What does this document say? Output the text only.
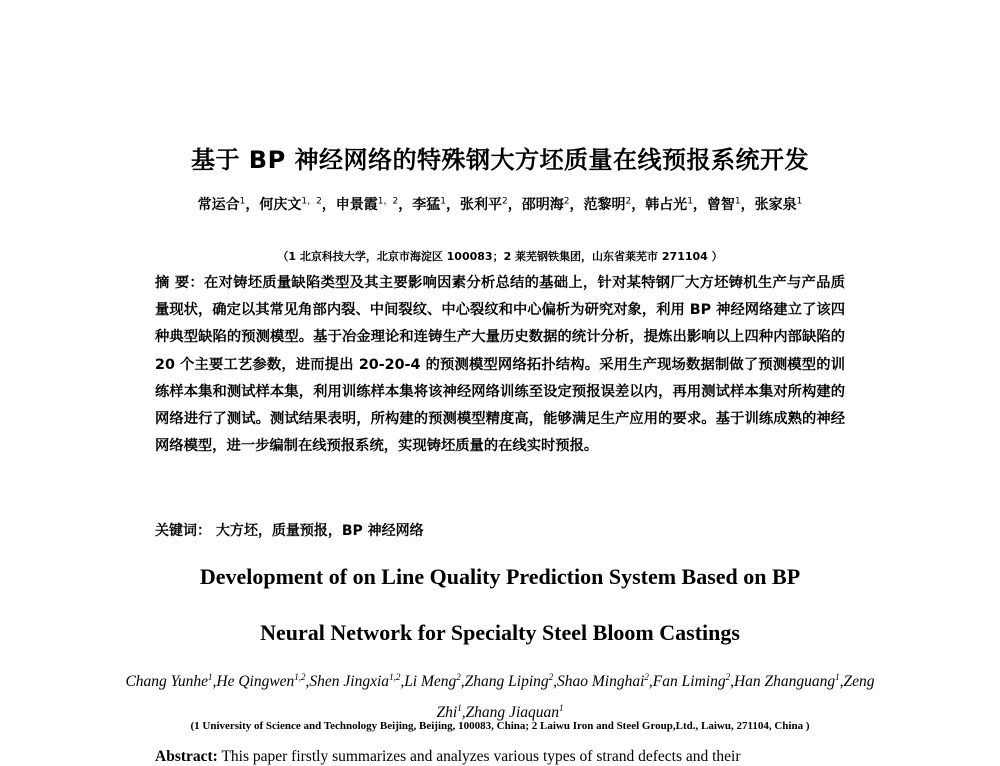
基于 BP 神经网络的特殊钢大方坯质量在线预报系统开发
常运合$^1$，何庆文$^{1,2}$，申景霞$^{1,2}$，李猛$^1$，张利平$^2$，邵明海$^2$，范黎明$^2$，韩占光$^1$，曾智$^1$，张家泉$^1$
（1 北京科技大学，北京市海淀区 100083；2 莱芜钢铁集团，山东省莱芜市 271104 ）
摘 要：在对铸坯质量缺陷类型及其主要影响因素分析总结的基础上，针对某特钢厂大方坯铸机生产与产品质量现状，确定以其常见角部内裂、中间裂纹、中心裂纹和中心偏析为研究对象，利用 BP 神经网络建立了该四种典型缺陷的预测模型。基于冶金理论和连铸生产大量历史数据的统计分析，提炼出影响以上四种内部缺陷的 20 个主要工艺参数，进而提出 20-20-4 的预测模型网络拓扑结构。采用生产现场数据制做了预测模型的训练样本集和测试样本集，利用训练样本集将该神经网络训练至设定预报误差以内，再用测试样本集对所构建的网络进行了测试。测试结果表明，所构建的预测模型精度高，能够满足生产应用的要求。基于训练成熟的神经网络模型，进一步编制在线预报系统，实现铸坯质量的在线实时预报。
关键词： 大方坯，质量预报，BP 神经网络
Development of on Line Quality Prediction System Based on BP
Neural Network for Specialty Steel Bloom Castings
Chang Yunhe$^1$,He Qingwen$^{1,2}$,Shen Jingxia$^{1,2}$,Li Meng$^2$,Zhang Liping$^2$,Shao Minghai$^2$,Fan Liming$^2$,Han Zhanguang$^1$,Zeng Zhi$^1$,Zhang Jiaquan$^1$
(1 University of Science and Technology Beijing, Beijing, 100083, China; 2 Laiwu Iron and Steel Group,Ltd., Laiwu, 271104, China )
Abstract: This paper firstly summarizes and analyzes various types of strand defects and their
